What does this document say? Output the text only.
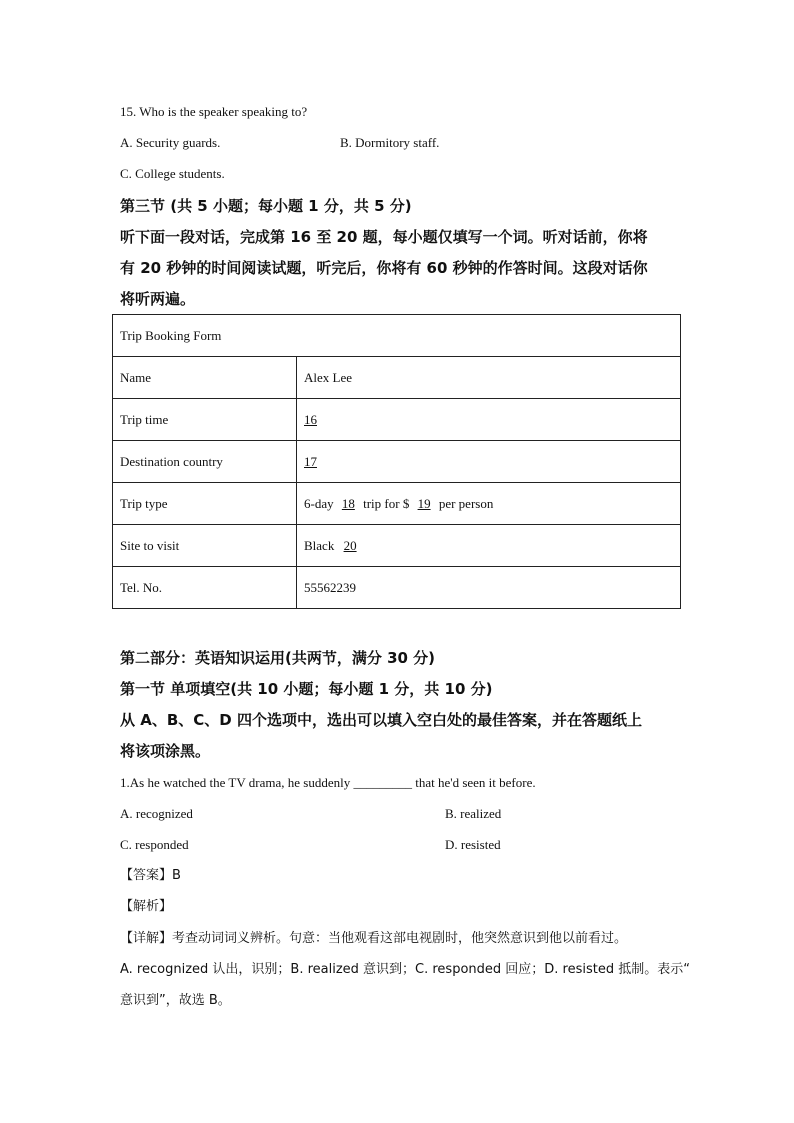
15. Who is the speaker speaking to?
A. Security guards.	B. Dormitory staff.
C. College students.
第三节 (共 5 小题；每小题 1 分，共 5 分)
听下面一段对话，完成第 16 至 20 题，每小题仅填写一个词。听对话前，你将
有 20 秒钟的时间阅读试题，听完后，你将有 60 秒钟的作答时间。这段对话你
将听两遍。
Trip Booking Form	
Name	Alex Lee
Trip time	16
Destination country	17
Trip type	6-day 18 trip for $ 19 per person
Site to visit	Black 20
Tel. No.	55562239
第二部分：英语知识运用(共两节，满分 30 分)
第一节 单项填空(共 10 小题；每小题 1 分，共 10 分)
从 A、B、C、D 四个选项中，选出可以填入空白处的最佳答案，并在答题纸上
将该项涂黑。
1.As he watched the TV drama, he suddenly _________ that he'd seen it before.
A. recognized	B. realized
C. responded	D. resisted
【答案】B
【解析】
【详解】考查动词词义辨析。句意：当他观看这部电视剧时，他突然意识到他以前看过。
A. recognized 认出，识别；B. realized 意识到；C. responded 回应；D. resisted 抵制。表示“
意识到”，故选 B。
